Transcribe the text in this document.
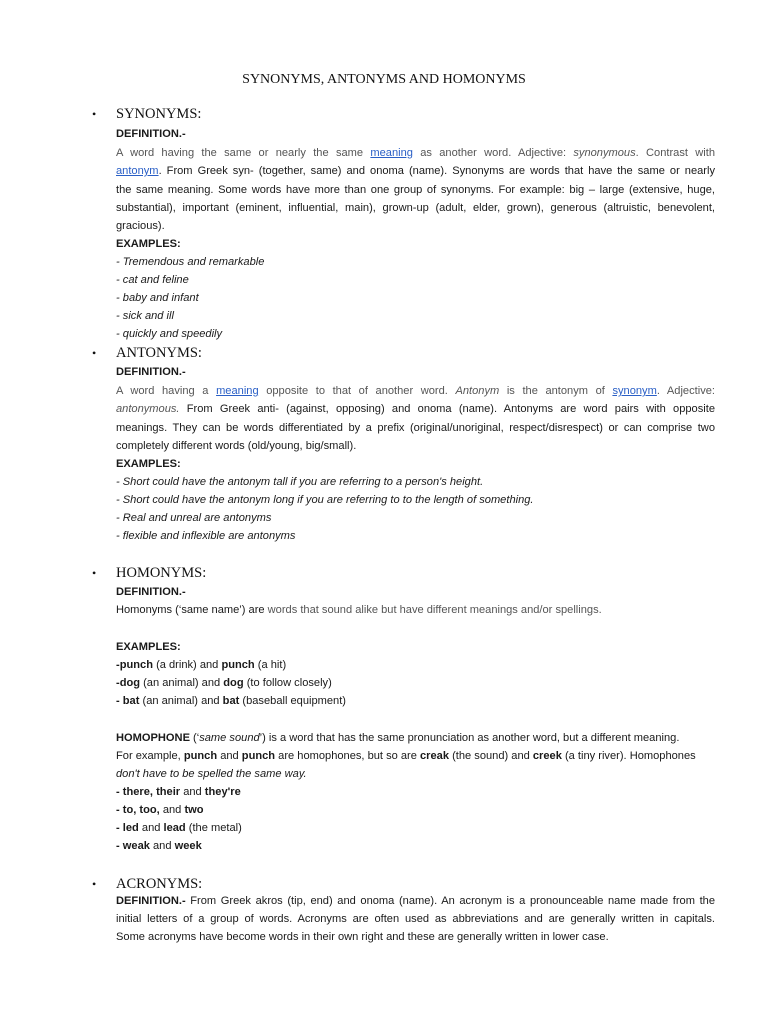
SYNONYMS, ANTONYMS AND HOMONYMS
•	SYNONYMS:
DEFINITION.-
A word having the same or nearly the same meaning as another word. Adjective: synonymous. Contrast with
antonym. From Greek syn- (together, same) and onoma (name). Synonyms are words that have the same or nearly
the same meaning. Some words have more than one group of synonyms. For example: big – large (extensive, huge,
substantial), important (eminent, influential, main), grown-up (adult, elder, grown), generous (altruistic, benevolent,
gracious).
EXAMPLES:
- Tremendous and remarkable
- cat and feline
- baby and infant
- sick and ill
- quickly and speedily
•	ANTONYMS:
DEFINITION.-
A word having a meaning opposite to that of another word. Antonym is the antonym of synonym. Adjective:
antonymous. From Greek anti- (against, opposing) and onoma (name). Antonyms are word pairs with opposite
meanings. They can be words differentiated by a prefix (original/unoriginal, respect/disrespect) or can comprise two
completely different words (old/young, big/small).
EXAMPLES:
- Short could have the antonym tall if you are referring to a person's height.
- Short could have the antonym long if you are referring to to the length of something.
- Real and unreal are antonyms
- flexible and inflexible are antonyms
•	HOMONYMS:
DEFINITION.-
Homonyms (‘same name’) are words that sound alike but have different meanings and/or spellings.
EXAMPLES:
-punch (a drink) and punch (a hit)
-dog (an animal) and dog (to follow closely)
- bat (an animal) and bat (baseball equipment)
HOMOPHONE (‘same sound’) is a word that has the same pronunciation as another word, but a different meaning.
For example, punch and punch are homophones, but so are creak (the sound) and creek (a tiny river). Homophones
don't have to be spelled the same way.
- there, their and they're
- to, too, and two
- led and lead (the metal)
- weak and week
•	ACRONYMS:
DEFINITION.- From Greek akros (tip, end) and onoma (name). An acronym is a pronounceable name made from the
initial letters of a group of words. Acronyms are often used as abbreviations and are generally written in capitals.
Some acronyms have become words in their own right and these are generally written in lower case.
